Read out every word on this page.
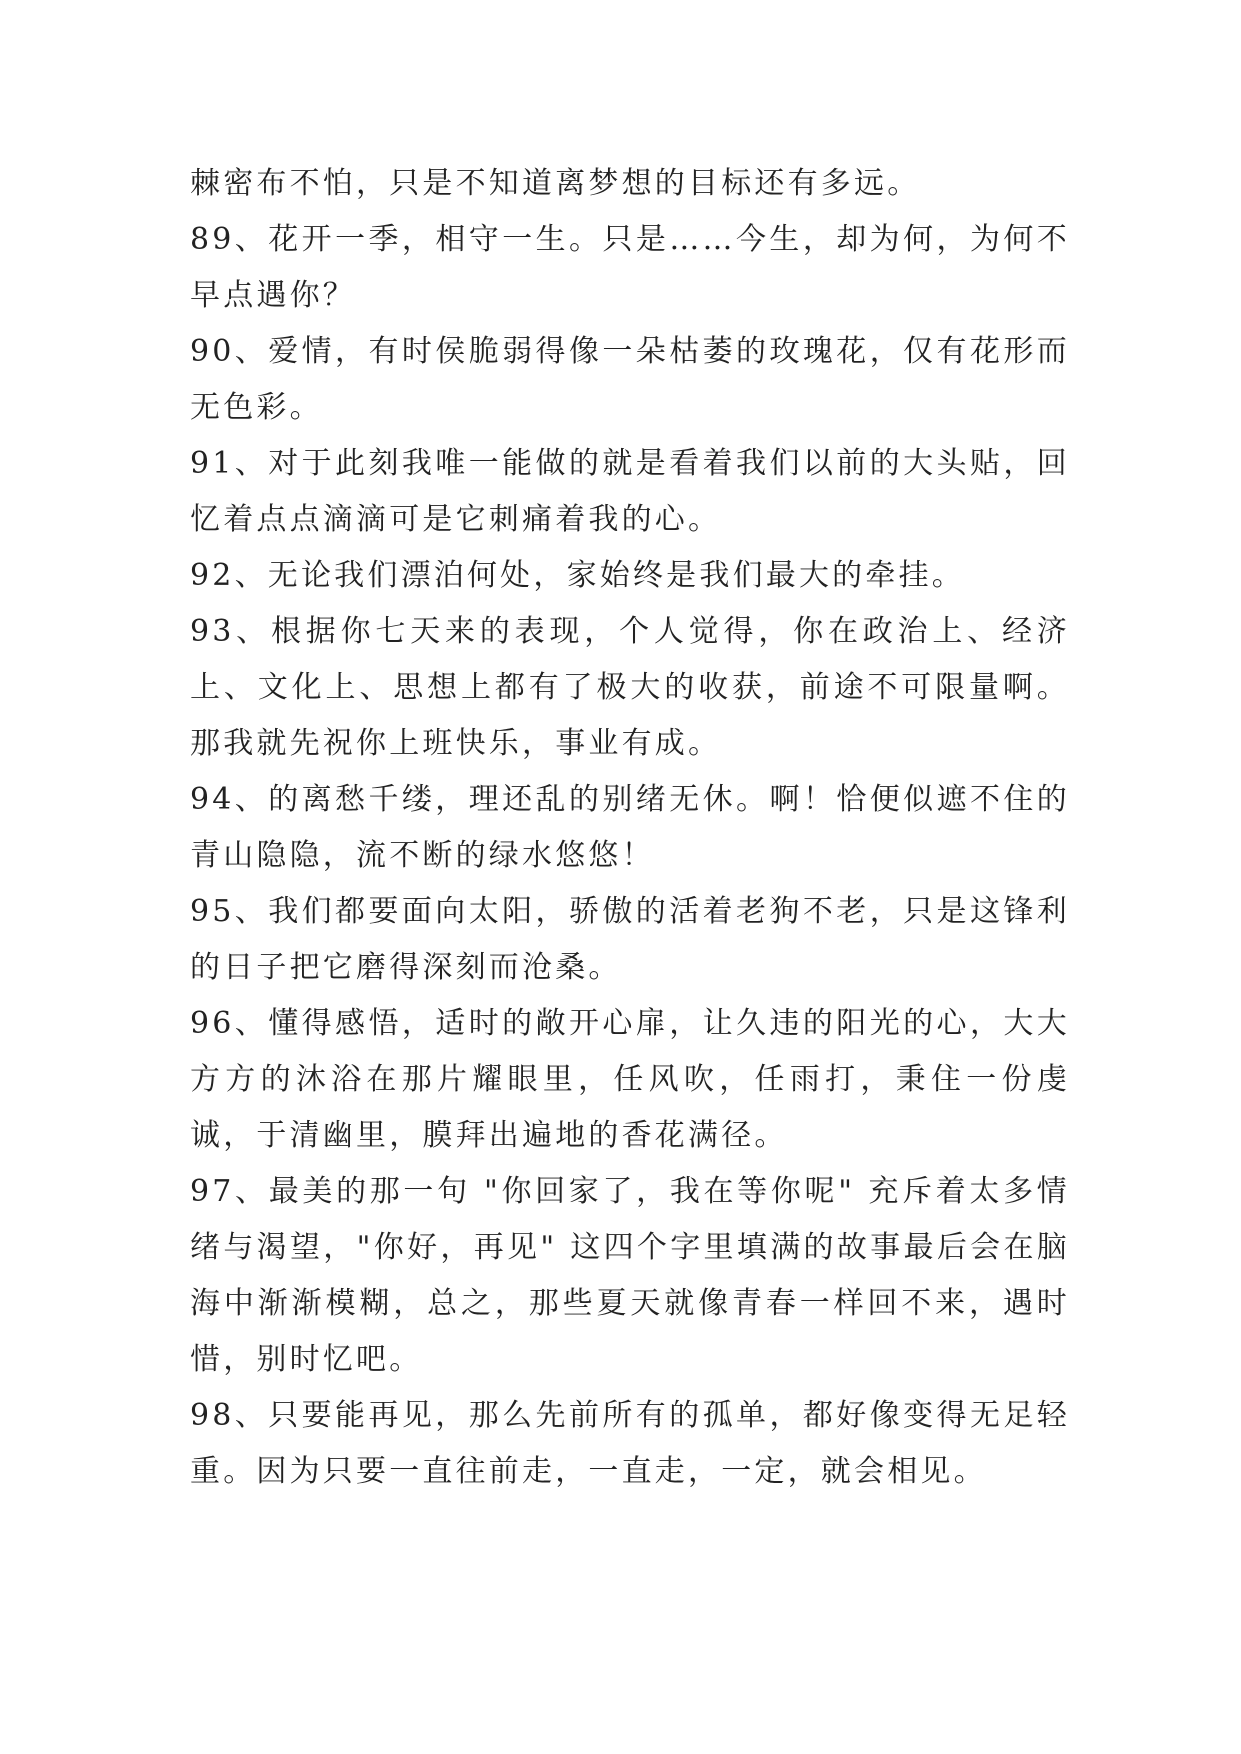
棘密布不怕，只是不知道离梦想的目标还有多远。

89、花开一季，相守一生。只是……今生，却为何，为何不早点遇你？

90、爱情，有时侯脆弱得像一朵枯萎的玫瑰花，仅有花形而无色彩。

91、对于此刻我唯一能做的就是看着我们以前的大头贴，回忆着点点滴滴可是它刺痛着我的心。

92、无论我们漂泊何处，家始终是我们最大的牵挂。

93、根据你七天来的表现，个人觉得，你在政治上、经济上、文化上、思想上都有了极大的收获，前途不可限量啊。那我就先祝你上班快乐，事业有成。

94、的离愁千缕，理还乱的别绪无休。啊！恰便似遮不住的青山隐隐，流不断的绿水悠悠！

95、我们都要面向太阳，骄傲的活着老狗不老，只是这锋利的日子把它磨得深刻而沧桑。

96、懂得感悟，适时的敞开心扉，让久违的阳光的心，大大方方的沐浴在那片耀眼里，任风吹，任雨打，秉住一份虔诚，于清幽里，膜拜出遍地的香花满径。

97、最美的那一句 "你回家了，我在等你呢" 充斥着太多情绪与渴望，"你好，再见" 这四个字里填满的故事最后会在脑海中渐渐模糊，总之，那些夏天就像青春一样回不来，遇时惜，别时忆吧。

98、只要能再见，那么先前所有的孤单，都好像变得无足轻重。因为只要一直往前走，一直走，一定，就会相见。
